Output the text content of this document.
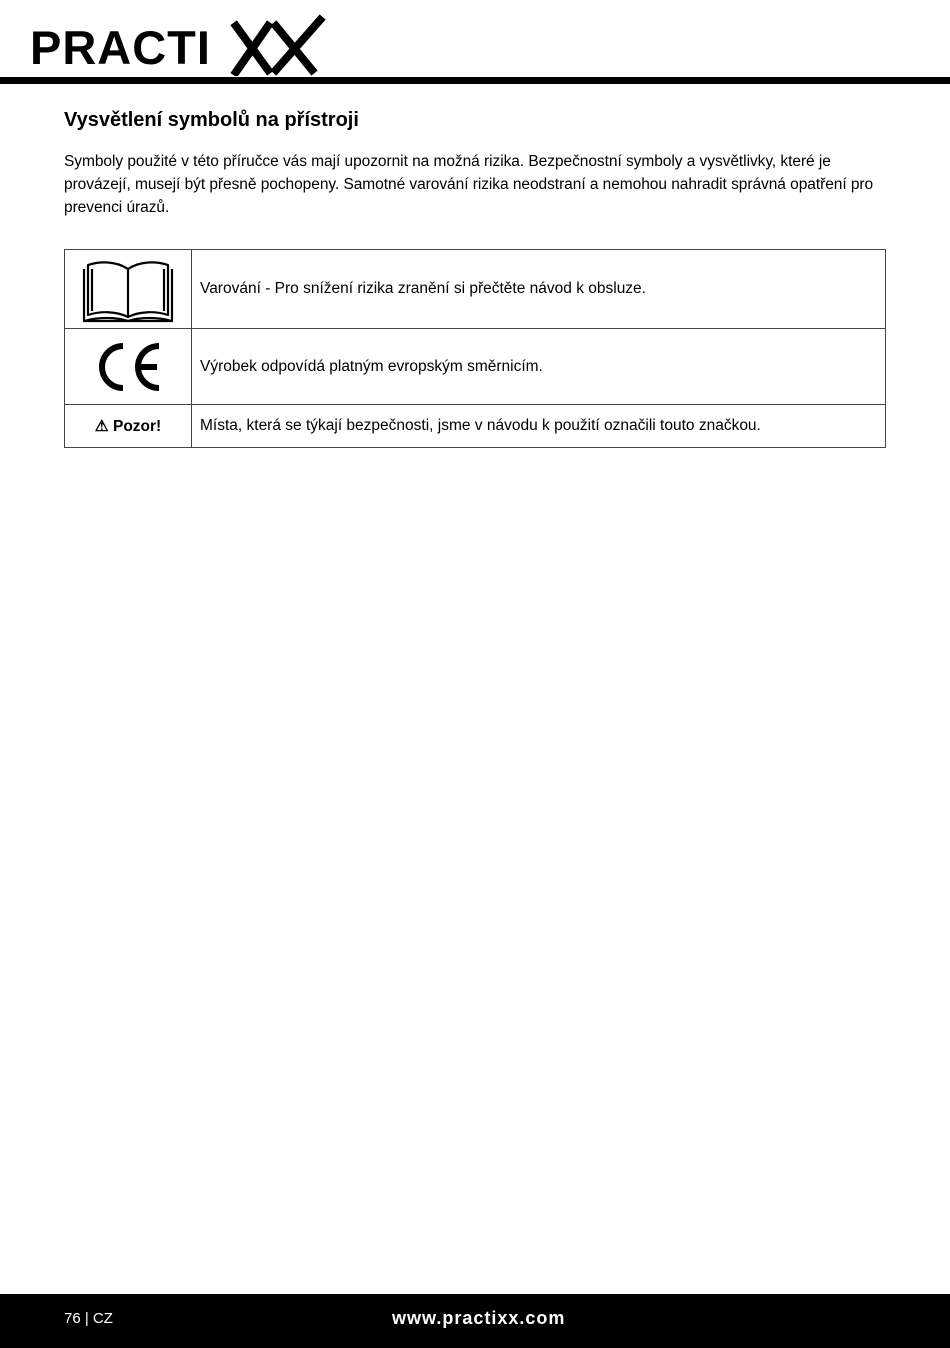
PRACTI
Vysvětlení symbolů na přístroji

Symboly použité v této příručce vás mají upozornit na možná rizika. Bezpečnostní symboly a vysvětlivky, které je provázejí, musejí být přesně pochopeny. Samotné varování rizika neodstraní a nemohou nahradit správná opatření pro prevenci úrazů.

	Varování - Pro snížení rizika zranění si přečtěte návod k obsluze.

	Výrobek odpovídá platným evropským směrnicím.
⚠ Pozor!	Místa, která se týkají bezpečnosti, jsme v návodu k použití označili touto značkou.
76 | CZ	www.practixx.com
